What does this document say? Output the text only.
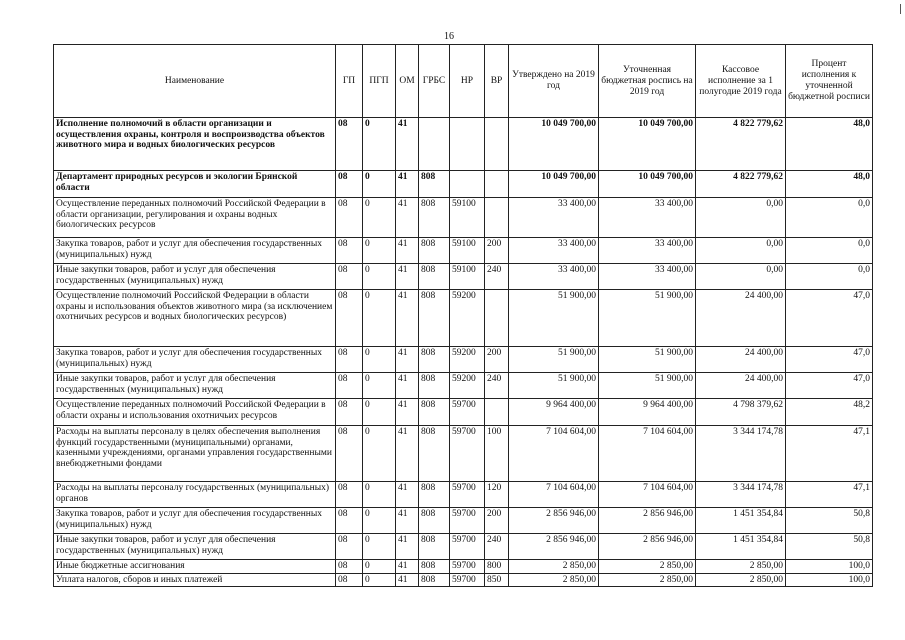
16
Наименование	ГП	ПГП	ОМ	ГРБС	НР	ВР	Утверждено на 2019 год	Уточненная бюджетная роспись на 2019 год	Кассовое исполнение за 1 полугодие 2019 года	Процент исполнения к уточненной бюджетной росписи
Исполнение полномочий в области организации и осуществления охраны, контроля и воспроизводства объектов животного мира и водных биологических ресурсов	08	0	41				10 049 700,00	10 049 700,00	4 822 779,62	48,0
Департамент природных ресурсов и экологии Брянской области	08	0	41	808			10 049 700,00	10 049 700,00	4 822 779,62	48,0
Осуществление переданных полномочий Российской Федерации в области организации, регулирования и охраны водных биологических ресурсов	08	0	41	808	59100		33 400,00	33 400,00	0,00	0,0
Закупка товаров, работ и услуг для обеспечения государственных (муниципальных) нужд	08	0	41	808	59100	200	33 400,00	33 400,00	0,00	0,0
Иные закупки товаров, работ и услуг для обеспечения государственных (муниципальных) нужд	08	0	41	808	59100	240	33 400,00	33 400,00	0,00	0,0
Осуществление полномочий Российской Федерации в области охраны и использования объектов животного мира (за исключением охотничьих ресурсов и водных биологических ресурсов)	08	0	41	808	59200		51 900,00	51 900,00	24 400,00	47,0
Закупка товаров, работ и услуг для обеспечения государственных (муниципальных) нужд	08	0	41	808	59200	200	51 900,00	51 900,00	24 400,00	47,0
Иные закупки товаров, работ и услуг для обеспечения государственных (муниципальных) нужд	08	0	41	808	59200	240	51 900,00	51 900,00	24 400,00	47,0
Осуществление переданных полномочий Российской Федерации в области охраны и использования охотничьих ресурсов	08	0	41	808	59700		9 964 400,00	9 964 400,00	4 798 379,62	48,2
Расходы на выплаты персоналу в целях обеспечения выполнения функций государственными (муниципальными) органами, казенными учреждениями, органами управления государственными внебюджетными фондами	08	0	41	808	59700	100	7 104 604,00	7 104 604,00	3 344 174,78	47,1
Расходы на выплаты персоналу государственных (муниципальных) органов	08	0	41	808	59700	120	7 104 604,00	7 104 604,00	3 344 174,78	47,1
Закупка товаров, работ и услуг для обеспечения государственных (муниципальных) нужд	08	0	41	808	59700	200	2 856 946,00	2 856 946,00	1 451 354,84	50,8
Иные закупки товаров, работ и услуг для обеспечения государственных (муниципальных) нужд	08	0	41	808	59700	240	2 856 946,00	2 856 946,00	1 451 354,84	50,8
Иные бюджетные ассигнования	08	0	41	808	59700	800	2 850,00	2 850,00	2 850,00	100,0
Уплата налогов, сборов и иных платежей	08	0	41	808	59700	850	2 850,00	2 850,00	2 850,00	100,0
